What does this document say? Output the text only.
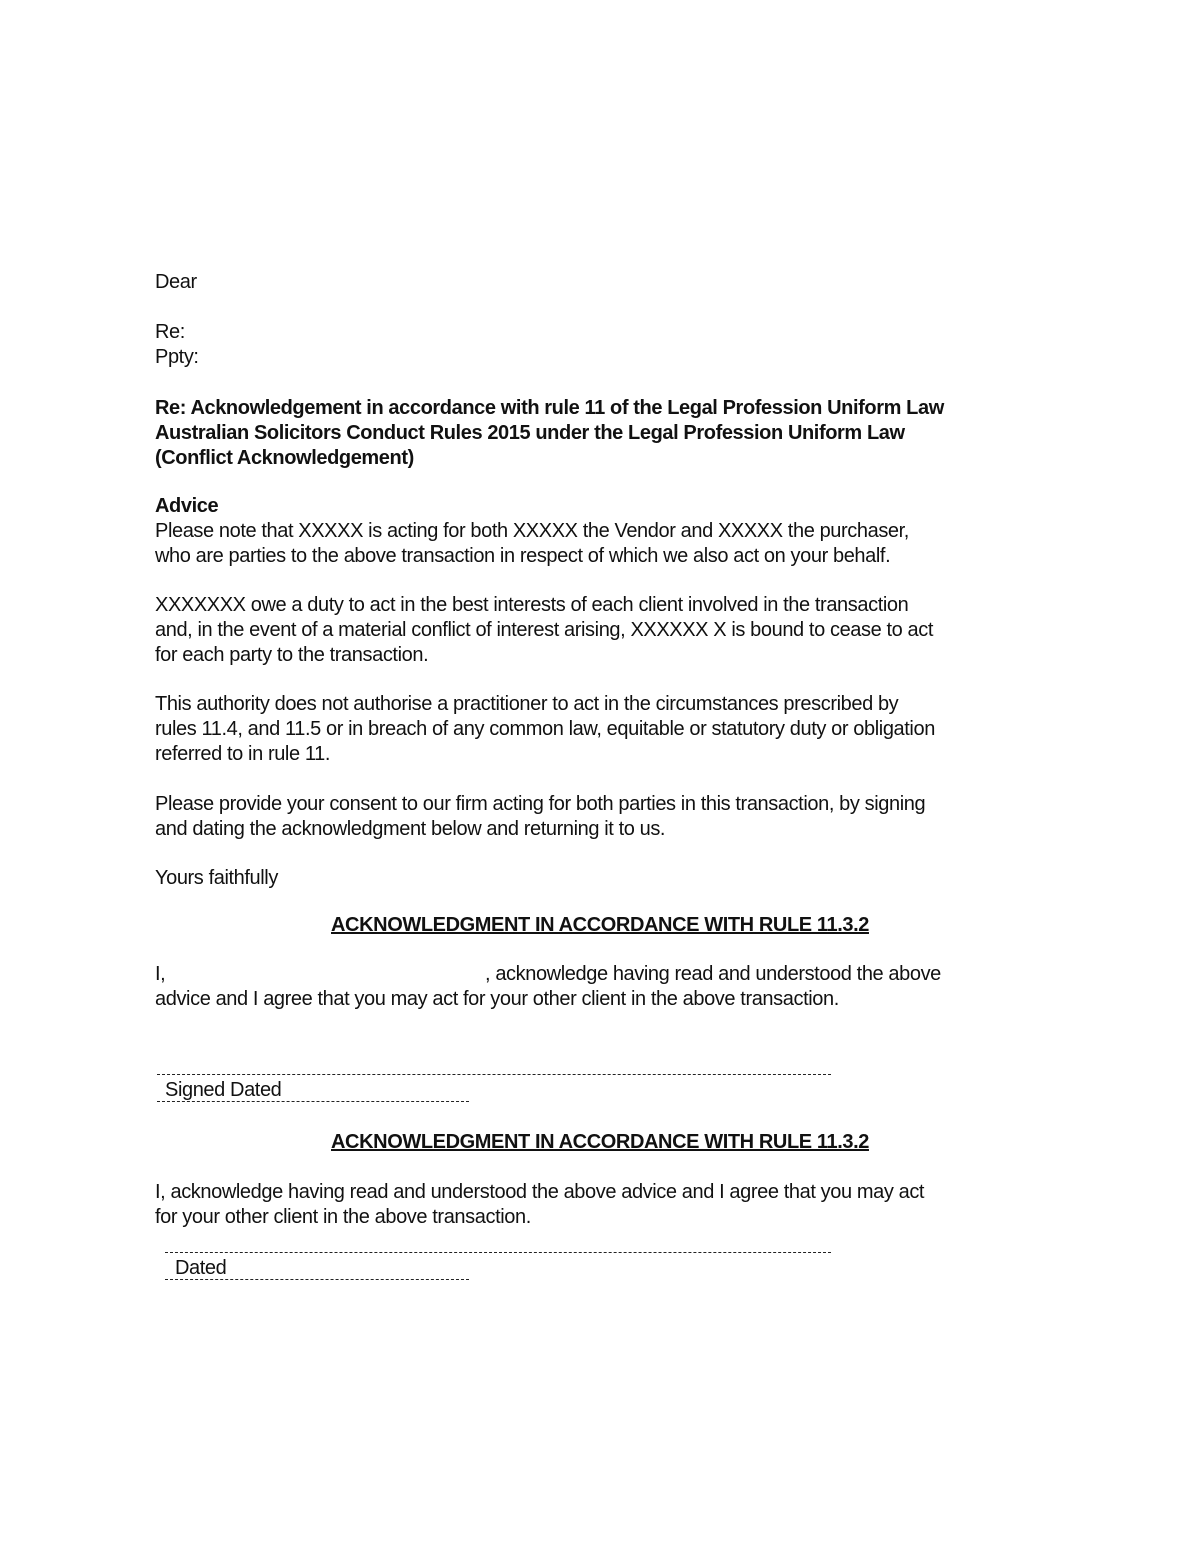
Dear
Re:
Ppty:
Re: Acknowledgement in accordance with rule 11 of the Legal Profession Uniform Law
Australian Solicitors Conduct Rules 2015 under the Legal Profession Uniform Law
(Conflict Acknowledgement)
Advice
Please note that XXXXX is acting for both XXXXX the Vendor and XXXXX the purchaser,
who are parties to the above transaction in respect of which we also act on your behalf.
XXXXXXX owe a duty to act in the best interests of each client involved in the transaction
and, in the event of a material conflict of interest arising, XXXXXX X is bound to cease to act
for each party to the transaction.
This authority does not authorise a practitioner to act in the circumstances prescribed by
rules 11.4, and 11.5 or in breach of any common law, equitable or statutory duty or obligation
referred to in rule 11.
Please provide your consent to our firm acting for both parties in this transaction, by signing
and dating the acknowledgment below and returning it to us.
Yours faithfully
ACKNOWLEDGMENT IN ACCORDANCE WITH RULE 11.3.2
I,	, acknowledge having read and understood the above
advice and I agree that you may act for your other client in the above transaction.
Signed Dated
ACKNOWLEDGMENT IN ACCORDANCE WITH RULE 11.3.2
I, acknowledge having read and understood the above advice and I agree that you may act
for your other client in the above transaction.
Dated
